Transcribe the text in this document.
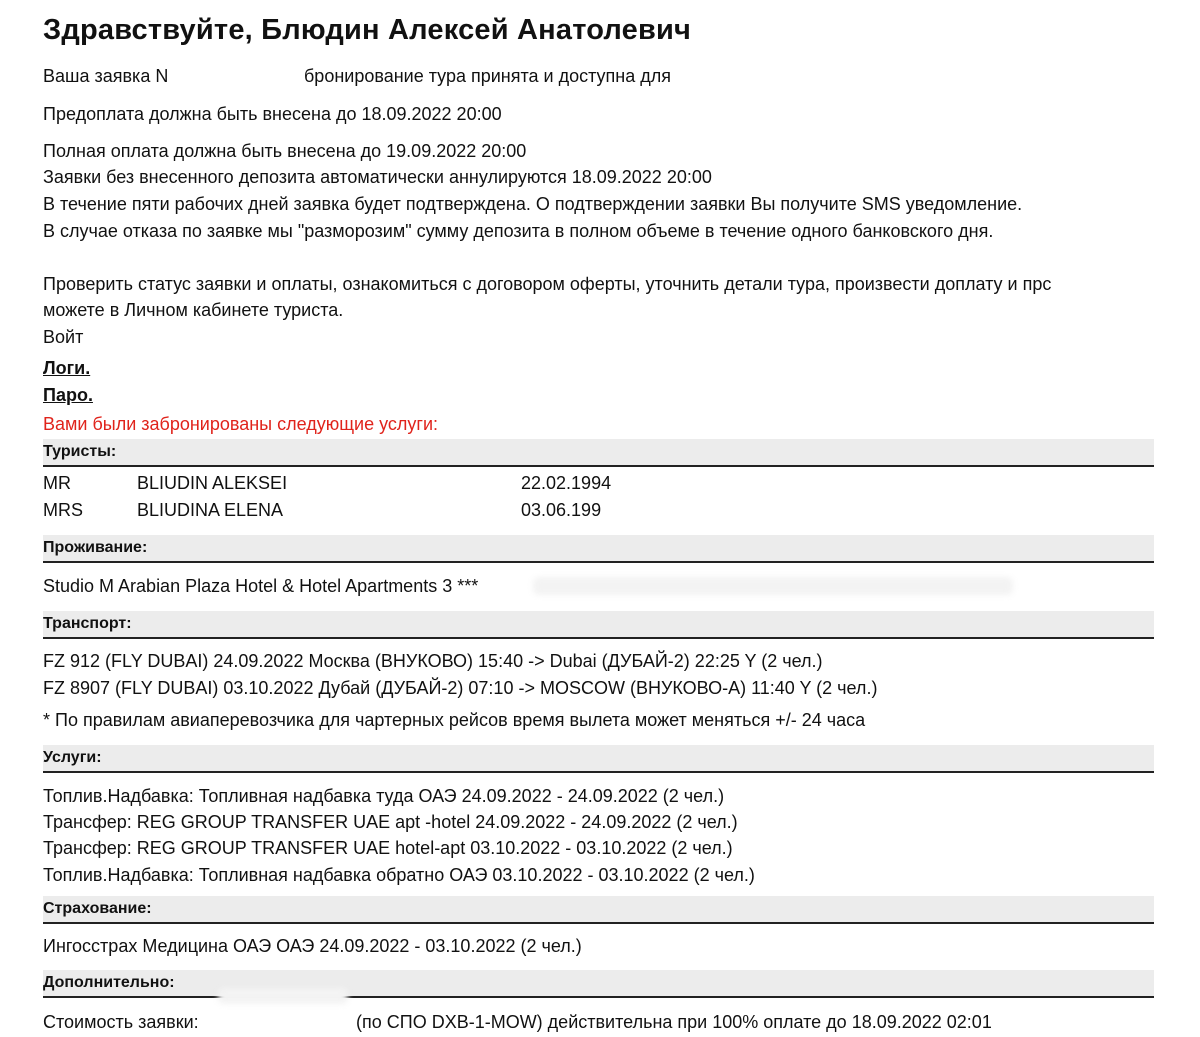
Здравствуйте, Блюдин Алексей Анатолевич
Ваша заявка N	бронирование тура принята и доступна для
Предоплата должна быть внесена до 18.09.2022 20:00
Полная оплата должна быть внесена до 19.09.2022 20:00
Заявки без внесенного депозита автоматически аннулируются 18.09.2022 20:00
В течение пяти рабочих дней заявка будет подтверждена. О подтверждении заявки Вы получите SMS уведомление.
В случае отказа по заявке мы "разморозим" сумму депозита в полном объеме в течение одного банковского дня.
Проверить статус заявки и оплаты, ознакомиться с договором оферты, уточнить детали тура, произвести доплату и прс
можете в Личном кабинете туриста.
Войт
Логи.
Паро.
Вами были забронированы следующие услуги:
Туристы:
MR	BLIUDIN ALEKSEI	22.02.1994
MRS	BLIUDINA ELENA	03.06.199
Проживание:
Studio M Arabian Plaza Hotel & Hotel Apartments 3 ***
Транспорт:
FZ 912 (FLY DUBAI) 24.09.2022 Москва (ВНУКОВО) 15:40 -> Dubai (ДУБАЙ-2) 22:25 Y (2 чел.)
FZ 8907 (FLY DUBAI) 03.10.2022 Дубай (ДУБАЙ-2) 07:10 -> MOSCOW (ВНУКОВО-А) 11:40 Y (2 чел.)
* По правилам авиаперевозчика для чартерных рейсов время вылета может меняться +/- 24 часа
Услуги:
Топлив.Надбавка: Топливная надбавка туда ОАЭ 24.09.2022 - 24.09.2022 (2 чел.)
Трансфер: REG GROUP TRANSFER UAE apt -hotel 24.09.2022 - 24.09.2022 (2 чел.)
Трансфер: REG GROUP TRANSFER UAE hotel-apt 03.10.2022 - 03.10.2022 (2 чел.)
Топлив.Надбавка: Топливная надбавка обратно ОАЭ 03.10.2022 - 03.10.2022 (2 чел.)
Страхование:
Ингосстрах Медицина ОАЭ ОАЭ 24.09.2022 - 03.10.2022 (2 чел.)
Дополнительно:
Стоимость заявки:	(по СПО DXB-1-MOW) действительна при 100% оплате до 18.09.2022 02:01
